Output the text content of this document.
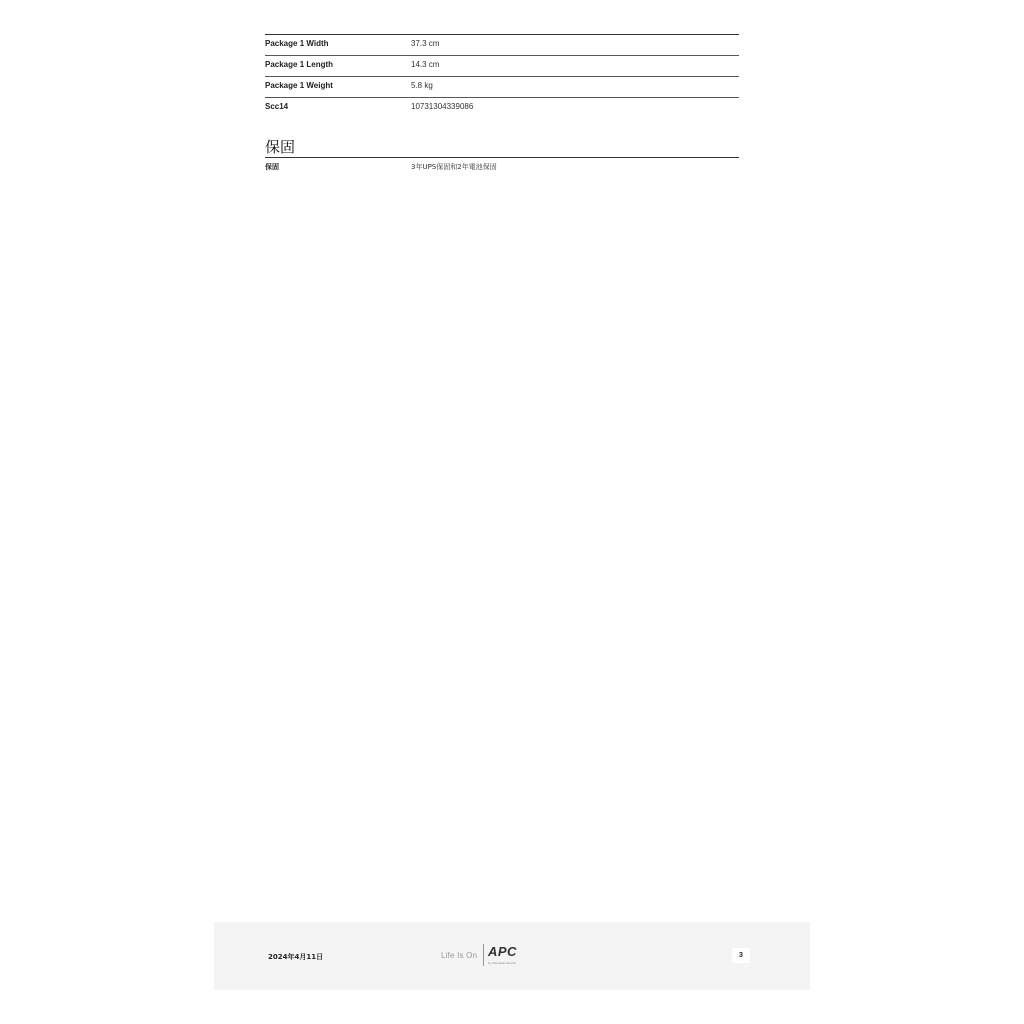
Package 1 Width	37.3 cm
Package 1 Length	14.3 cm
Package 1 Weight	5.8 kg
Scc14	10731304339086
保固
保固	3年UPS保固和2年電池保固
2024年4月11日	Life Is On APC
by Schneider Electric
3
